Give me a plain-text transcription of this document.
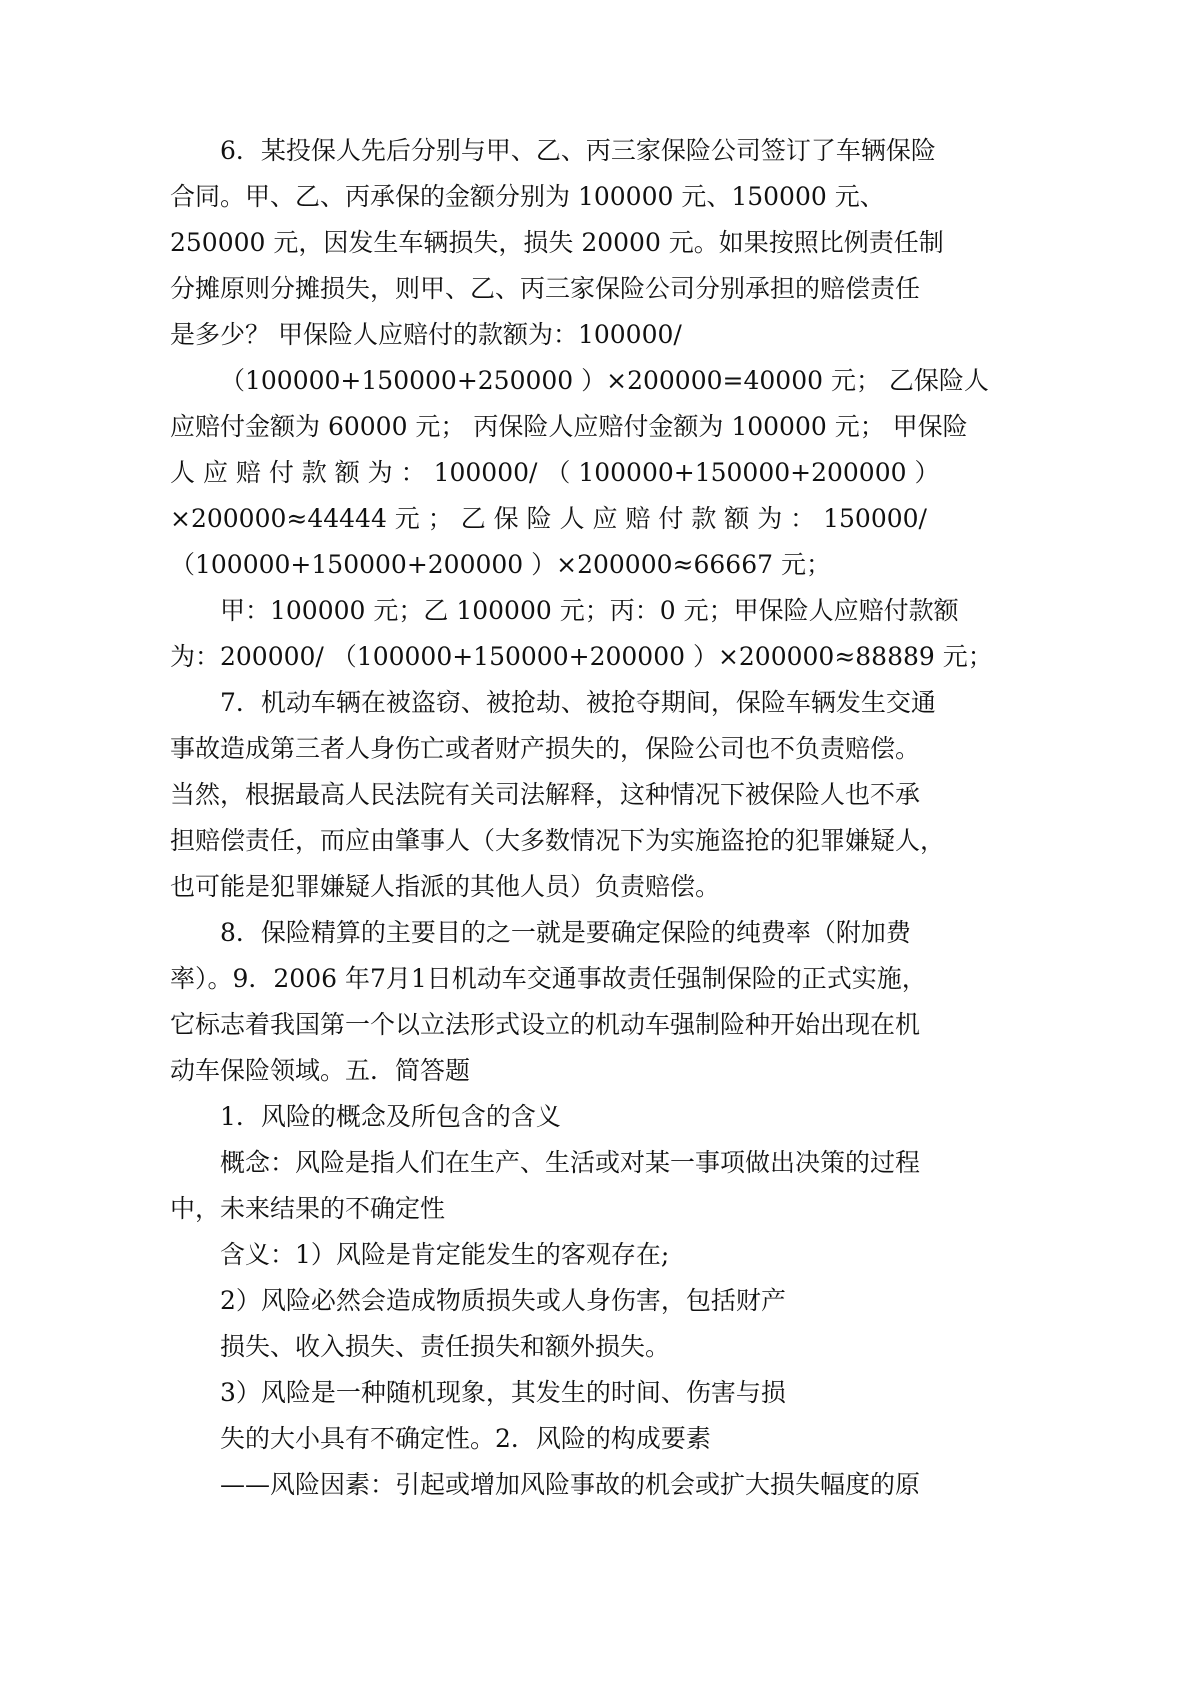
6．某投保人先后分别与甲、乙、丙三家保险公司签订了车辆保险
合同。甲、乙、丙承保的金额分别为 100000 元、150000 元、
250000 元，因发生车辆损失，损失 20000 元。如果按照比例责任制
分摊原则分摊损失，则甲、乙、丙三家保险公司分别承担的赔偿责任
是多少？ 甲保险人应赔付的款额为：100000/
（100000+150000+250000 ）×200000=40000 元； 乙保险人
应赔付金额为 60000 元； 丙保险人应赔付金额为 100000 元； 甲保险
人 应 赔 付 款 额 为 ： 100000/ （ 100000+150000+200000 ）
×200000≈44444 元 ； 乙 保 险 人 应 赔 付 款 额 为 ： 150000/
（100000+150000+200000 ）×200000≈66667 元；
甲：100000 元；乙 100000 元；丙：0 元；甲保险人应赔付款额
为：200000/ （100000+150000+200000 ）×200000≈88889 元；
7．机动车辆在被盗窃、被抢劫、被抢夺期间，保险车辆发生交通
事故造成第三者人身伤亡或者财产损失的，保险公司也不负责赔偿。
当然，根据最高人民法院有关司法解释，这种情况下被保险人也不承
担赔偿责任，而应由肇事人（大多数情况下为实施盗抢的犯罪嫌疑人，
也可能是犯罪嫌疑人指派的其他人员）负责赔偿。
8．保险精算的主要目的之一就是要确定保险的纯费率（附加费
率）。9．2006 年7月1日机动车交通事故责任强制保险的正式实施，
它标志着我国第一个以立法形式设立的机动车强制险种开始出现在机
动车保险领域。五．简答题
1．风险的概念及所包含的含义
概念：风险是指人们在生产、生活或对某一事项做出决策的过程
中，未来结果的不确定性
含义：1）风险是肯定能发生的客观存在;
2）风险必然会造成物质损失或人身伤害，包括财产
损失、收入损失、责任损失和额外损失。
3）风险是一种随机现象，其发生的时间、伤害与损
失的大小具有不确定性。2．风险的构成要素
——风险因素：引起或增加风险事故的机会或扩大损失幅度的原
